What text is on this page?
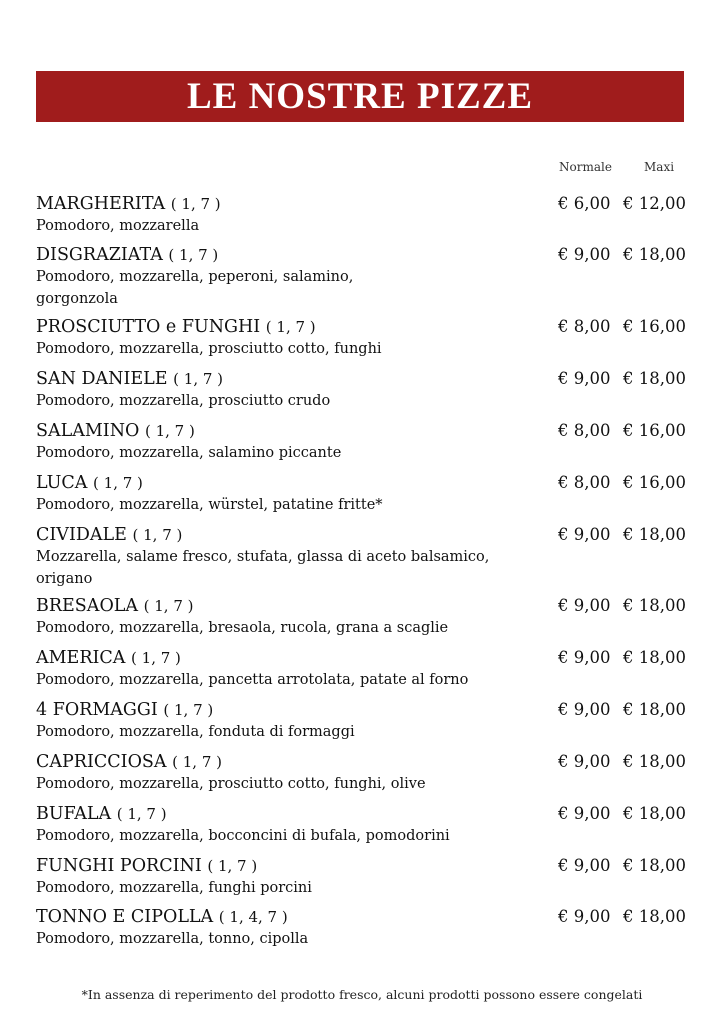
LE NOSTRE PIZZE
Normale	Maxi
MARGHERITA ( 1, 7 )
Pomodoro, mozzarella
€ 6,00 € 12,00
DISGRAZIATA ( 1, 7 )
Pomodoro, mozzarella, peperoni, salamino, gorgonzola
€ 9,00 € 18,00
PROSCIUTTO e FUNGHI ( 1, 7 )
Pomodoro, mozzarella, prosciutto cotto, funghi
€ 8,00 € 16,00
SAN DANIELE ( 1, 7 )
Pomodoro, mozzarella, prosciutto crudo
€ 9,00 € 18,00
SALAMINO ( 1, 7 )
Pomodoro, mozzarella, salamino piccante
€ 8,00 € 16,00
LUCA ( 1, 7 )
Pomodoro, mozzarella, würstel, patatine fritte*
€ 8,00 € 16,00
CIVIDALE ( 1, 7 )
Mozzarella, salame fresco, stufata, glassa di aceto balsamico, origano
€ 9,00 € 18,00
BRESAOLA ( 1, 7 )
Pomodoro, mozzarella, bresaola, rucola, grana a scaglie
€ 9,00 € 18,00
AMERICA ( 1, 7 )
Pomodoro, mozzarella, pancetta arrotolata, patate al forno
€ 9,00 € 18,00
4 FORMAGGI ( 1, 7 )
Pomodoro, mozzarella, fonduta di formaggi
€ 9,00 € 18,00
CAPRICCIOSA ( 1, 7 )
Pomodoro, mozzarella, prosciutto cotto, funghi, olive
€ 9,00 € 18,00
BUFALA ( 1, 7 )
Pomodoro, mozzarella, bocconcini di bufala, pomodorini
€ 9,00 € 18,00
FUNGHI PORCINI ( 1, 7 )
Pomodoro, mozzarella, funghi porcini
€ 9,00 € 18,00
TONNO E CIPOLLA ( 1, 4, 7 )
Pomodoro, mozzarella, tonno, cipolla
€ 9,00 € 18,00
*In assenza di reperimento del prodotto fresco, alcuni prodotti possono essere congelati
